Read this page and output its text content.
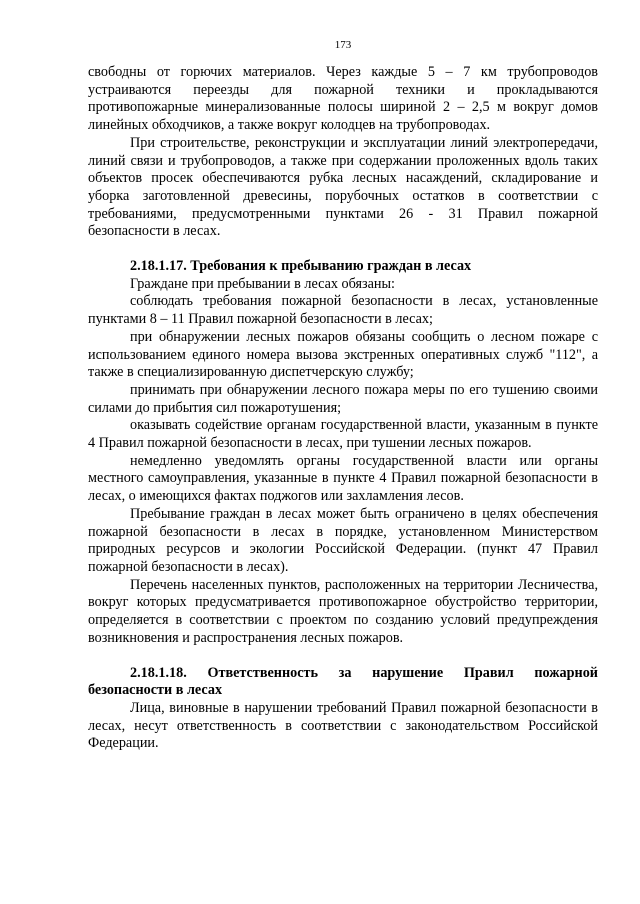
173

свободны от горючих материалов. Через каждые 5 – 7 км трубопроводов устраиваются переезды для пожарной техники и прокладываются противопожарные минерализованные полосы шириной 2 – 2,5 м вокруг домов линейных обходчиков, а также вокруг колодцев на трубопроводах.

При строительстве, реконструкции и эксплуатации линий электропередачи, линий связи и трубопроводов, а также при содержании проложенных вдоль таких объектов просек обеспечиваются рубка лесных насаждений, складирование и уборка заготовленной древесины, порубочных остатков в соответствии с требованиями, предусмотренными пунктами 26 - 31 Правил пожарной безопасности в лесах.

2.18.1.17. Требования к пребыванию граждан в лесах

Граждане при пребывании в лесах обязаны:

соблюдать требования пожарной безопасности в лесах, установленные пунктами 8 – 11 Правил пожарной безопасности в лесах;

при обнаружении лесных пожаров обязаны сообщить о лесном пожаре с использованием единого номера вызова экстренных оперативных служб "112", а также в специализированную диспетчерскую службу;

принимать при обнаружении лесного пожара меры по его тушению своими силами до прибытия сил пожаротушения;

оказывать содействие органам государственной власти, указанным в пункте 4 Правил пожарной безопасности в лесах, при тушении лесных пожаров.

немедленно уведомлять органы государственной власти или органы местного самоуправления, указанные в пункте 4 Правил пожарной безопасности в лесах, о имеющихся фактах поджогов или захламления лесов.

Пребывание граждан в лесах может быть ограничено в целях обеспечения пожарной безопасности в лесах в порядке, установленном Министерством природных ресурсов и экологии Российской Федерации. (пункт 47 Правил пожарной безопасности в лесах).

Перечень населенных пунктов, расположенных на территории Лесничества, вокруг которых предусматривается противопожарное обустройство территории, определяется в соответствии с проектом по созданию условий предупреждения возникновения и распространения лесных пожаров.

2.18.1.18. Ответственность за нарушение Правил пожарной безопасности в лесах

Лица, виновные в нарушении требований Правил пожарной безопасности в лесах, несут ответственность в соответствии с законодательством Российской Федерации.
